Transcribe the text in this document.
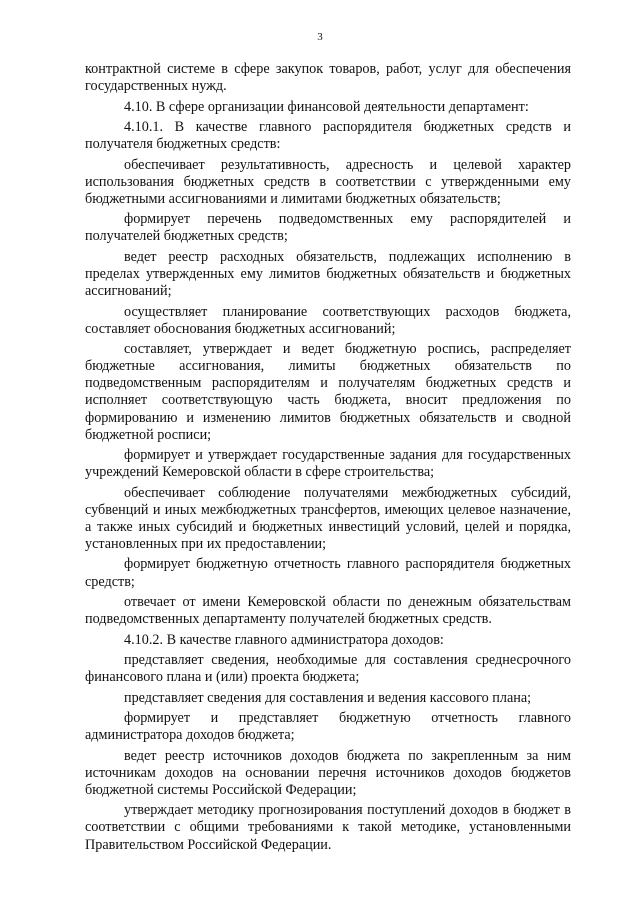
3

контрактной системе в сфере закупок товаров, работ, услуг для обеспечения государственных нужд.

4.10. В сфере организации финансовой деятельности департамент:

4.10.1. В качестве главного распорядителя бюджетных средств и получателя бюджетных средств:

обеспечивает результативность, адресность и целевой характер использования бюджетных средств в соответствии с утвержденными ему бюджетными ассигнованиями и лимитами бюджетных обязательств;

формирует перечень подведомственных ему распорядителей и получателей бюджетных средств;

ведет реестр расходных обязательств, подлежащих исполнению в пределах утвержденных ему лимитов бюджетных обязательств и бюджетных ассигнований;

осуществляет планирование соответствующих расходов бюджета, составляет обоснования бюджетных ассигнований;

составляет, утверждает и ведет бюджетную роспись, распределяет бюджетные ассигнования, лимиты бюджетных обязательств по подведомственным распорядителям и получателям бюджетных средств и исполняет соответствующую часть бюджета, вносит предложения по формированию и изменению лимитов бюджетных обязательств и сводной бюджетной росписи;

формирует и утверждает государственные задания для государственных учреждений Кемеровской области в сфере строительства;

обеспечивает соблюдение получателями межбюджетных субсидий, субвенций и иных межбюджетных трансфертов, имеющих целевое назначение, а также иных субсидий и бюджетных инвестиций условий, целей и порядка, установленных при их предоставлении;

формирует бюджетную отчетность главного распорядителя бюджетных средств;

отвечает от имени Кемеровской области по денежным обязательствам подведомственных департаменту получателей бюджетных средств.

4.10.2. В качестве главного администратора доходов:

представляет сведения, необходимые для составления среднесрочного финансового плана и (или) проекта бюджета;

представляет сведения для составления и ведения кассового плана;

формирует и представляет бюджетную отчетность главного администратора доходов бюджета;

ведет реестр источников доходов бюджета по закрепленным за ним источникам доходов на основании перечня источников доходов бюджетов бюджетной системы Российской Федерации;

утверждает методику прогнозирования поступлений доходов в бюджет в соответствии с общими требованиями к такой методике, установленными Правительством Российской Федерации.
